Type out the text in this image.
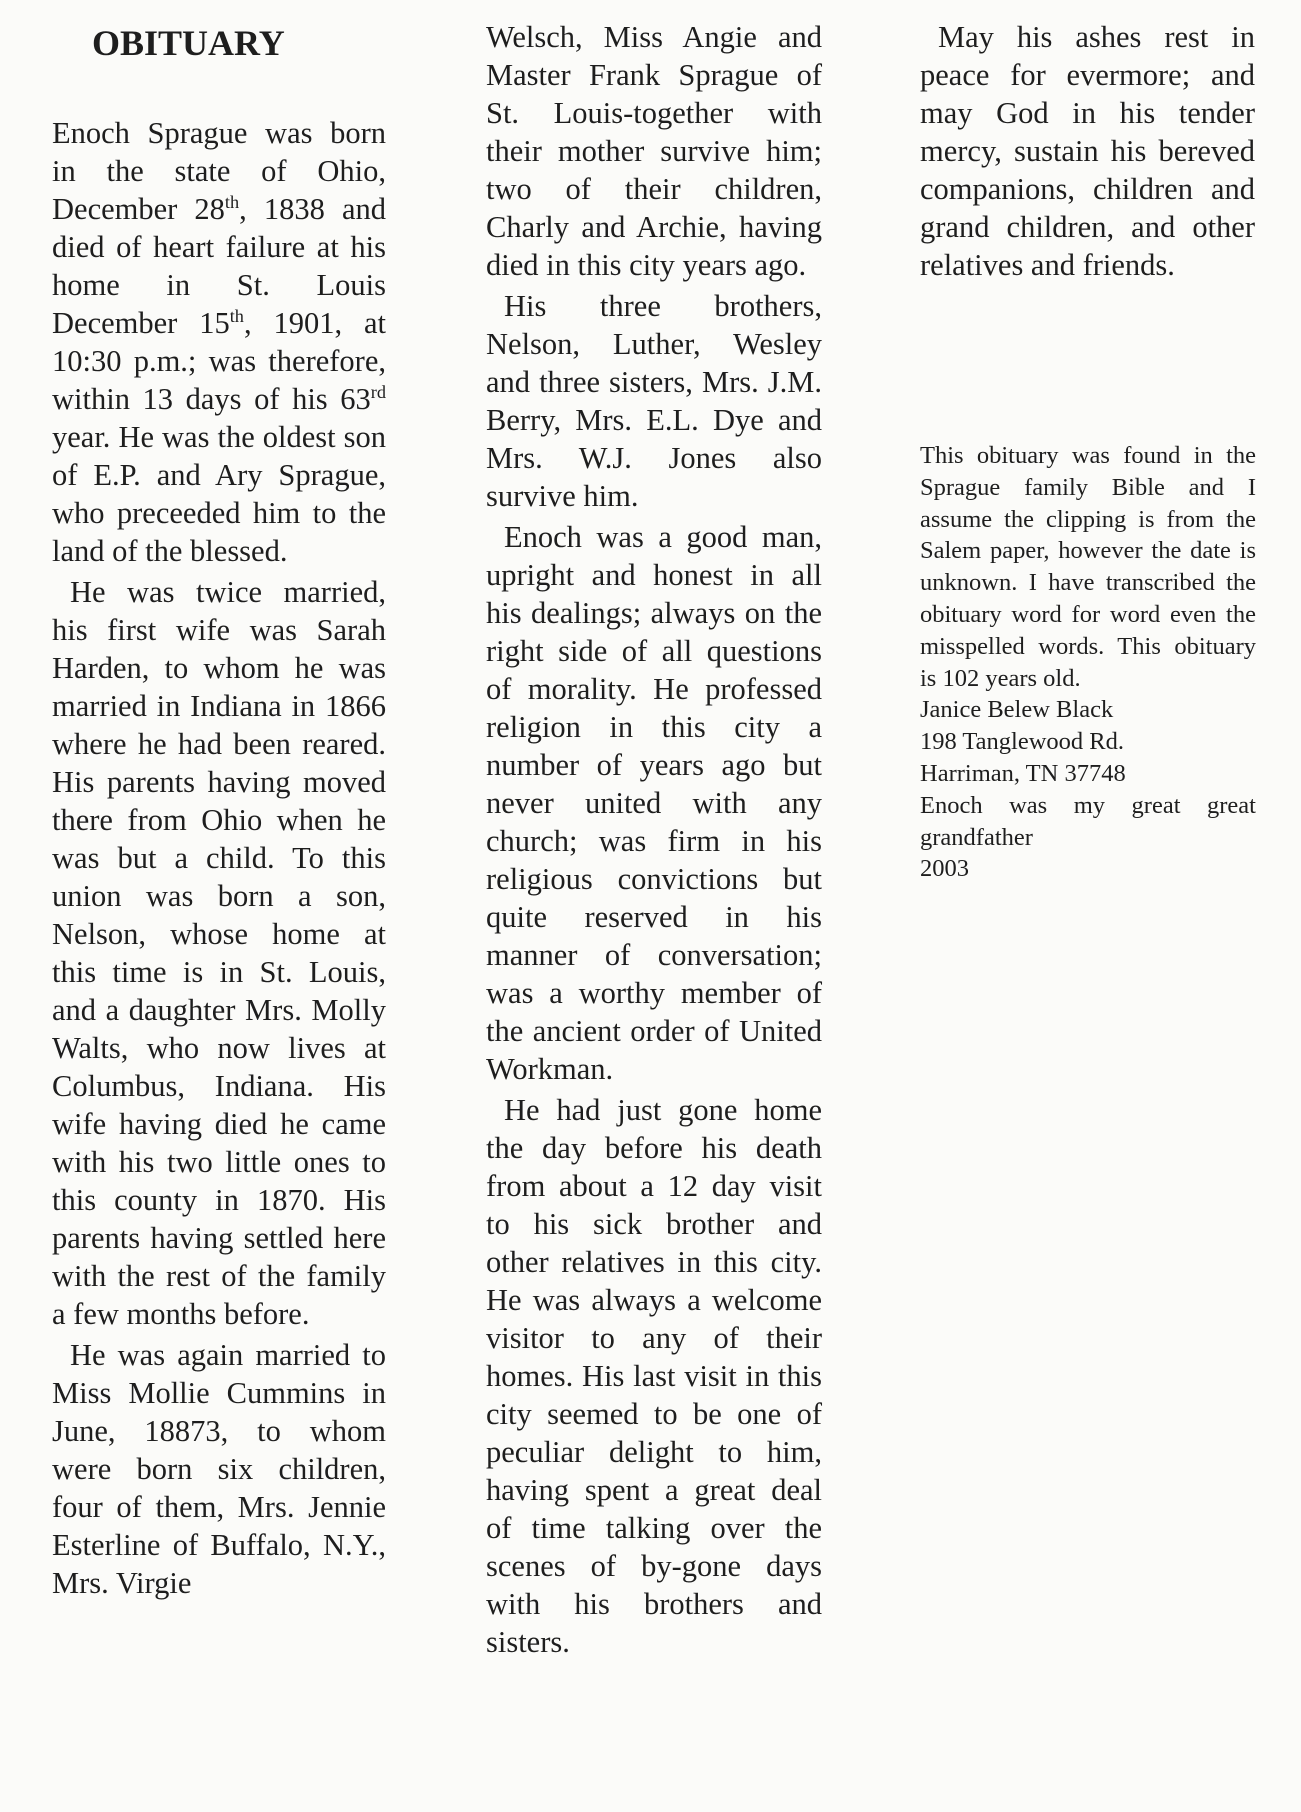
OBITUARY

Enoch Sprague was born in the state of Ohio, December 28th, 1838 and died of heart failure at his home in St. Louis December 15th, 1901, at 10:30 p.m.; was therefore, within 13 days of his 63rd year. He was the oldest son of E.P. and Ary Sprague, who preceeded him to the land of the blessed.

He was twice married, his first wife was Sarah Harden, to whom he was married in Indiana in 1866 where he had been reared. His parents having moved there from Ohio when he was but a child. To this union was born a son, Nelson, whose home at this time is in St. Louis, and a daughter Mrs. Molly Walts, who now lives at Columbus, Indiana. His wife having died he came with his two little ones to this county in 1870. His parents having settled here with the rest of the family a few months before.

He was again married to Miss Mollie Cummins in June, 18873, to whom were born six children, four of them, Mrs. Jennie Esterline of Buffalo, N.Y., Mrs. Virgie

Welsch, Miss Angie and Master Frank Sprague of St. Louis-together with their mother survive him; two of their children, Charly and Archie, having died in this city years ago.

His three brothers, Nelson, Luther, Wesley and three sisters, Mrs. J.M. Berry, Mrs. E.L. Dye and Mrs. W.J. Jones also survive him.

Enoch was a good man, upright and honest in all his dealings; always on the right side of all questions of morality. He professed religion in this city a number of years ago but never united with any church; was firm in his religious convictions but quite reserved in his manner of conversation; was a worthy member of the ancient order of United Workman.

He had just gone home the day before his death from about a 12 day visit to his sick brother and other relatives in this city. He was always a welcome visitor to any of their homes. His last visit in this city seemed to be one of peculiar delight to him, having spent a great deal of time talking over the scenes of by-gone days with his brothers and sisters.

May his ashes rest in peace for evermore; and may God in his tender mercy, sustain his bereved companions, children and grand children, and other relatives and friends.

This obituary was found in the Sprague family Bible and I assume the clipping is from the Salem paper, however the date is unknown. I have transcribed the obituary word for word even the misspelled words. This obituary is 102 years old.

Janice Belew Black

198 Tanglewood Rd.

Harriman, TN 37748

Enoch was my great great grandfather

2003
